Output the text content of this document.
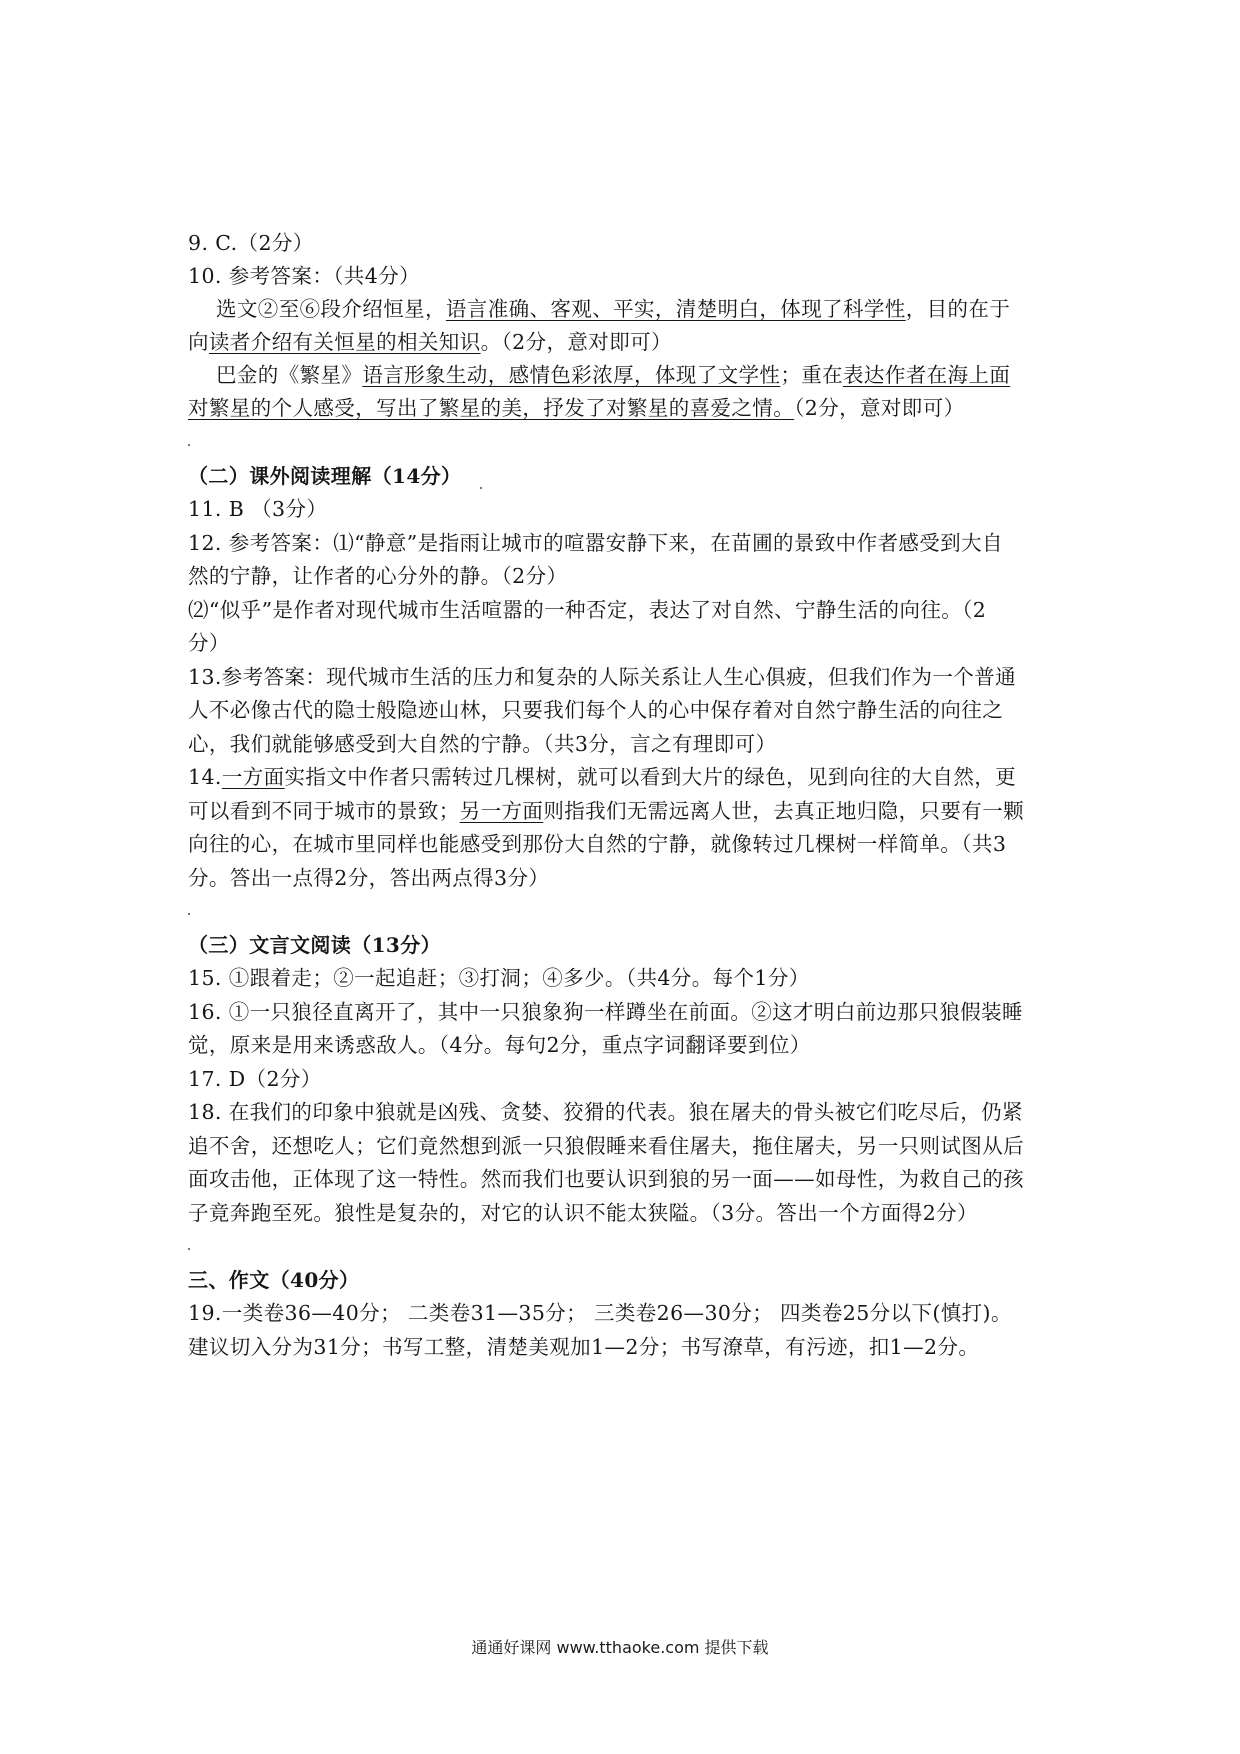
9. C.（2分）
10. 参考答案：（共4分）
选文②至⑥段介绍恒星，语言准确、客观、平实，清楚明白，体现了科学性，目的在于
向读者介绍有关恒星的相关知识。（2分，意对即可）
巴金的《繁星》语言形象生动，感情色彩浓厚，体现了文学性；重在表达作者在海上面
对繁星的个人感受，写出了繁星的美，抒发了对繁星的喜爱之情。（2分，意对即可）
（二）课外阅读理解（14分）
11. B （3分）
12. 参考答案：⑴“静意”是指雨让城市的喧嚣安静下来，在苗圃的景致中作者感受到大自
然的宁静，让作者的心分外的静。（2分）
⑵“似乎”是作者对现代城市生活喧嚣的一种否定，表达了对自然、宁静生活的向往。（2
分）
13.参考答案：现代城市生活的压力和复杂的人际关系让人生心俱疲，但我们作为一个普通
人不必像古代的隐士般隐迹山林，只要我们每个人的心中保存着对自然宁静生活的向往之
心，我们就能够感受到大自然的宁静。（共3分，言之有理即可）
14.一方面实指文中作者只需转过几棵树，就可以看到大片的绿色，见到向往的大自然，更
可以看到不同于城市的景致；另一方面则指我们无需远离人世，去真正地归隐，只要有一颗
向往的心，在城市里同样也能感受到那份大自然的宁静，就像转过几棵树一样简单。（共3
分。答出一点得2分，答出两点得3分）
（三）文言文阅读（13分）
15. ①跟着走；②一起追赶；③打洞；④多少。（共4分。每个1分）
16. ①一只狼径直离开了，其中一只狼象狗一样蹲坐在前面。②这才明白前边那只狼假装睡
觉，原来是用来诱惑敌人。（4分。每句2分，重点字词翻译要到位）
17. D（2分）
18. 在我们的印象中狼就是凶残、贪婪、狡猾的代表。狼在屠夫的骨头被它们吃尽后，仍紧
追不舍，还想吃人；它们竟然想到派一只狼假睡来看住屠夫，拖住屠夫，另一只则试图从后
面攻击他，正体现了这一特性。然而我们也要认识到狼的另一面——如母性，为救自己的孩
子竟奔跑至死。狼性是复杂的，对它的认识不能太狭隘。（3分。答出一个方面得2分）
三、作文（40分）
19.一类卷36—40分； 二类卷31—35分； 三类卷26—30分； 四类卷25分以下(慎打)。
建议切入分为31分；书写工整，清楚美观加1—2分；书写潦草，有污迹，扣1—2分。
通通好课网 www.tthaoke.com 提供下载
